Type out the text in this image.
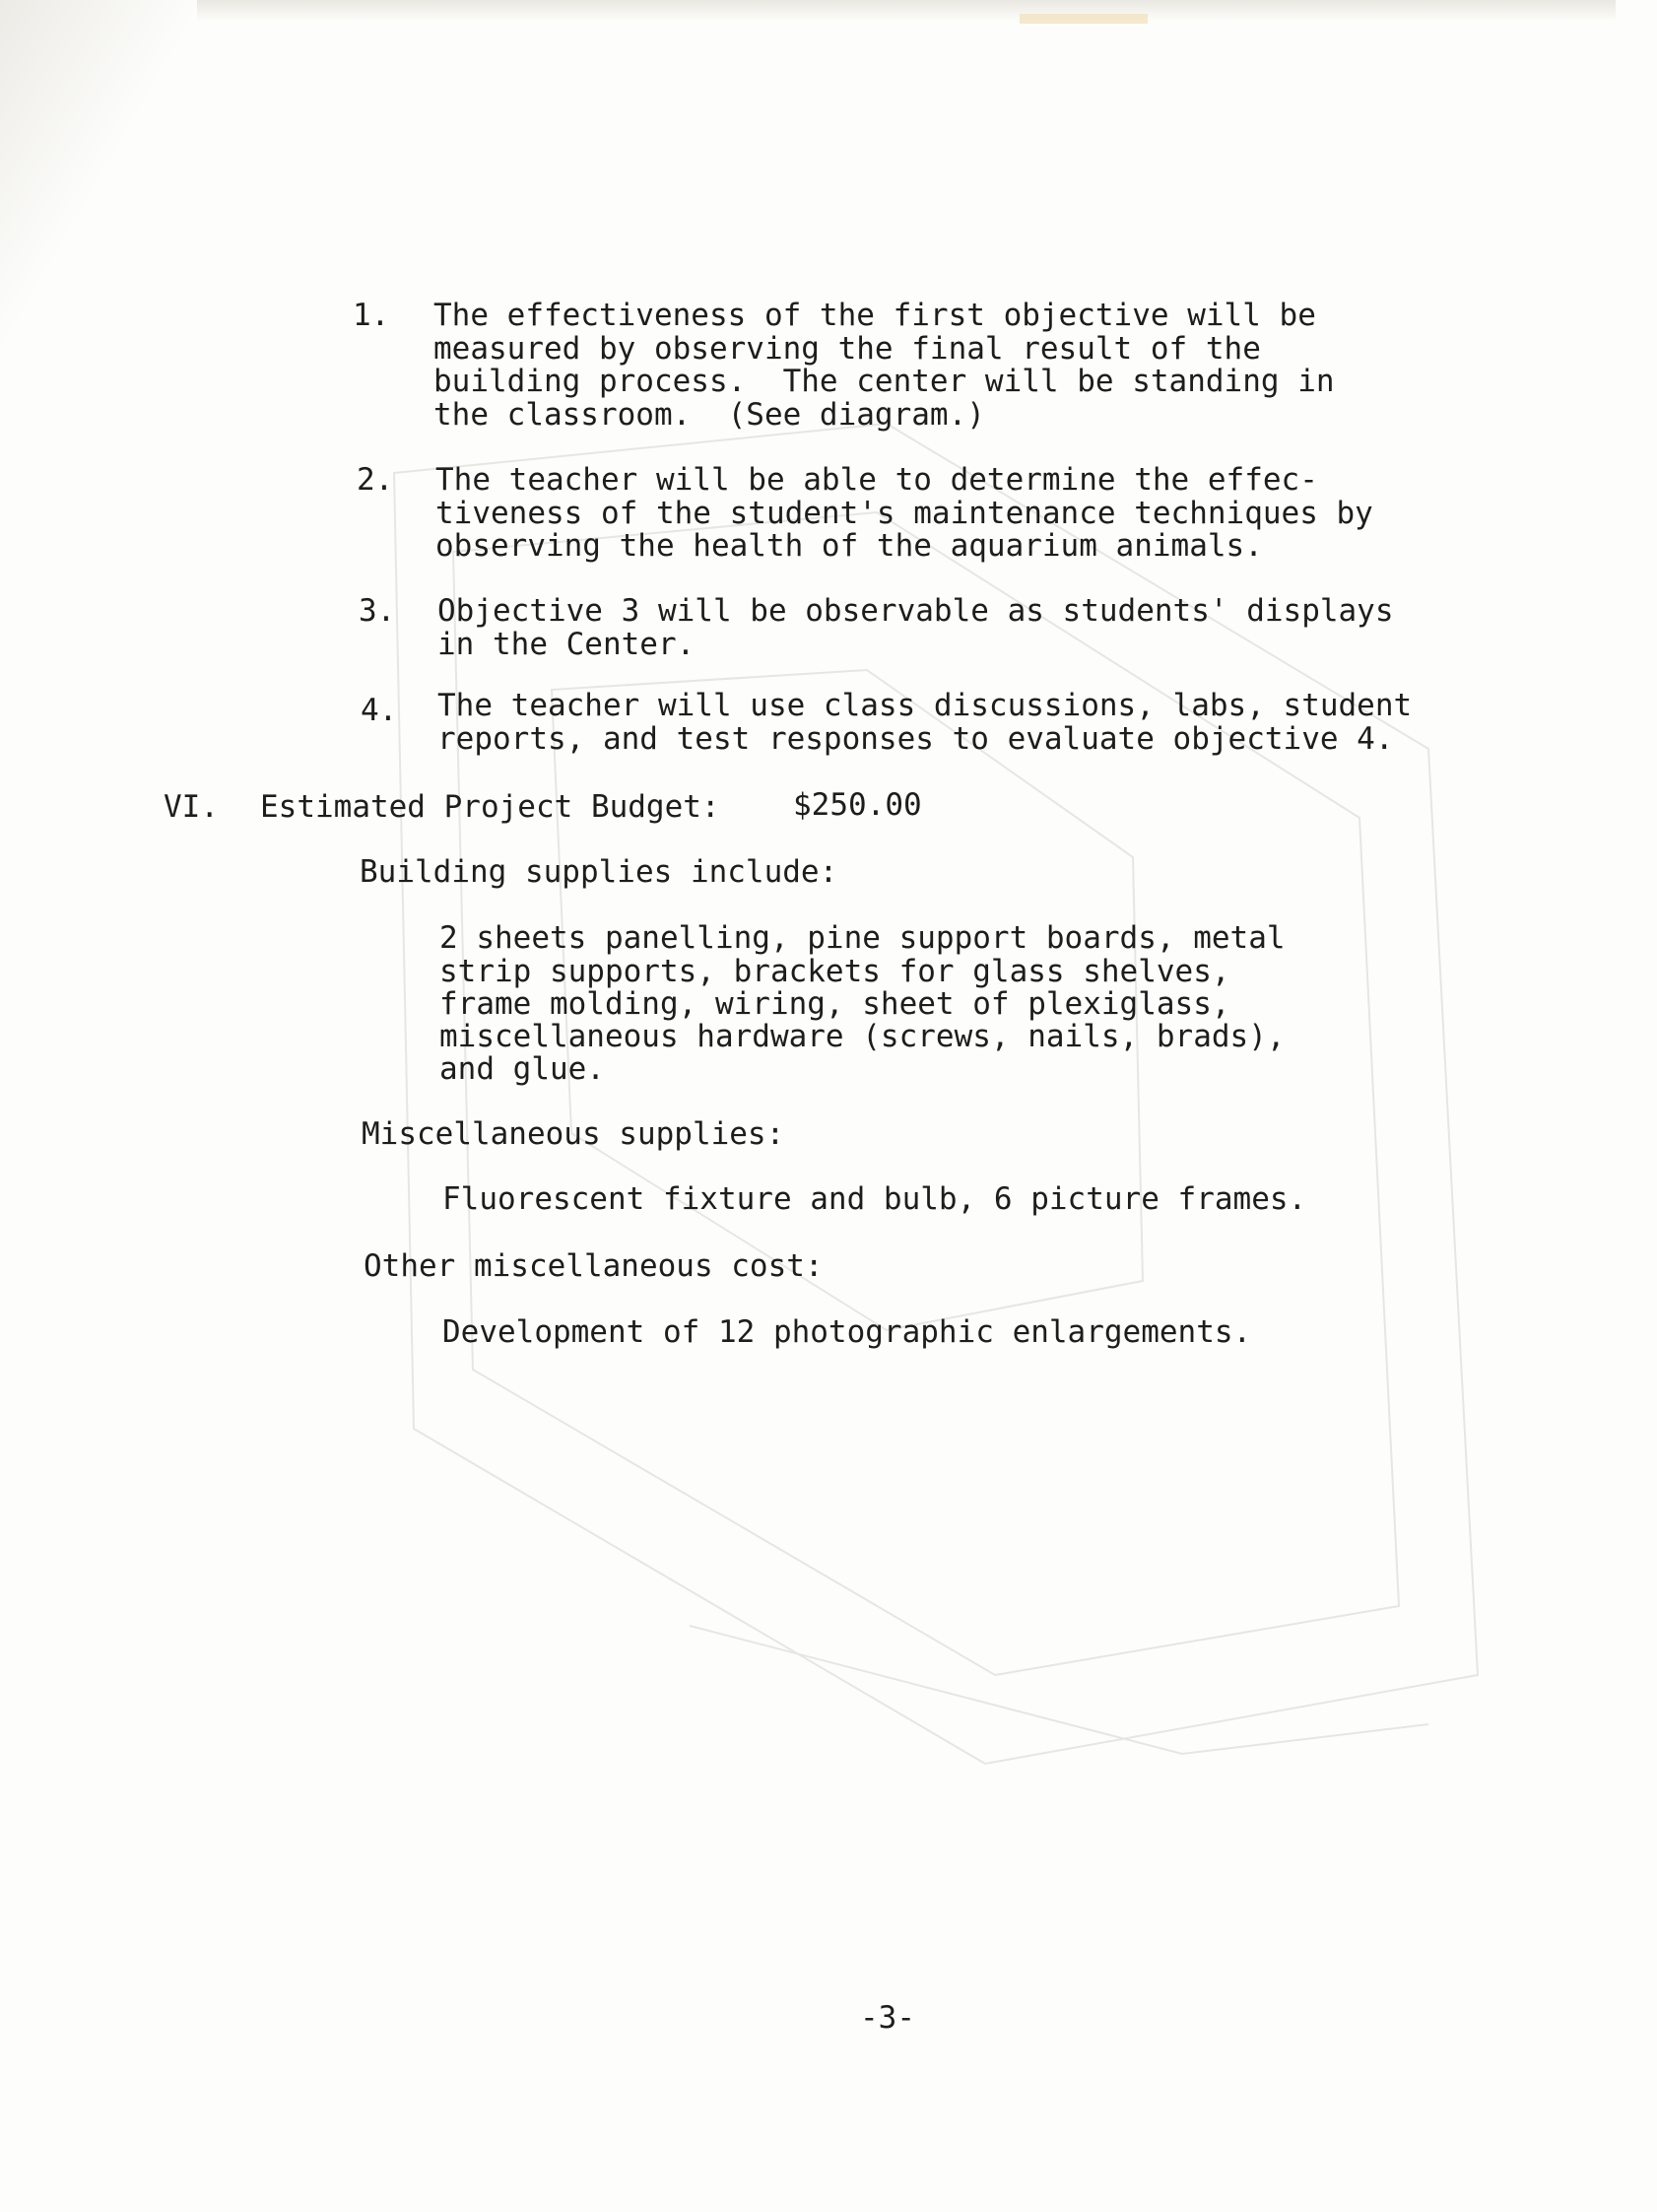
1. The effectiveness of the first objective will be
measured by observing the final result of the
building process.  The center will be standing in
the classroom.  (See diagram.)
2. The teacher will be able to determine the effec-
tiveness of the student's maintenance techniques by
observing the health of the aquarium animals.
3. Objective 3 will be observable as students' displays
in the Center.
4. The teacher will use class discussions, labs, student
reports, and test responses to evaluate objective 4.
VI. Estimated Project Budget: $250.00
Building supplies include:
2 sheets panelling, pine support boards, metal
strip supports, brackets for glass shelves,
frame molding, wiring, sheet of plexiglass,
miscellaneous hardware (screws, nails, brads),
and glue.
Miscellaneous supplies:
Fluorescent fixture and bulb, 6 picture frames.
Other miscellaneous cost:
Development of 12 photographic enlargements.
-3-
